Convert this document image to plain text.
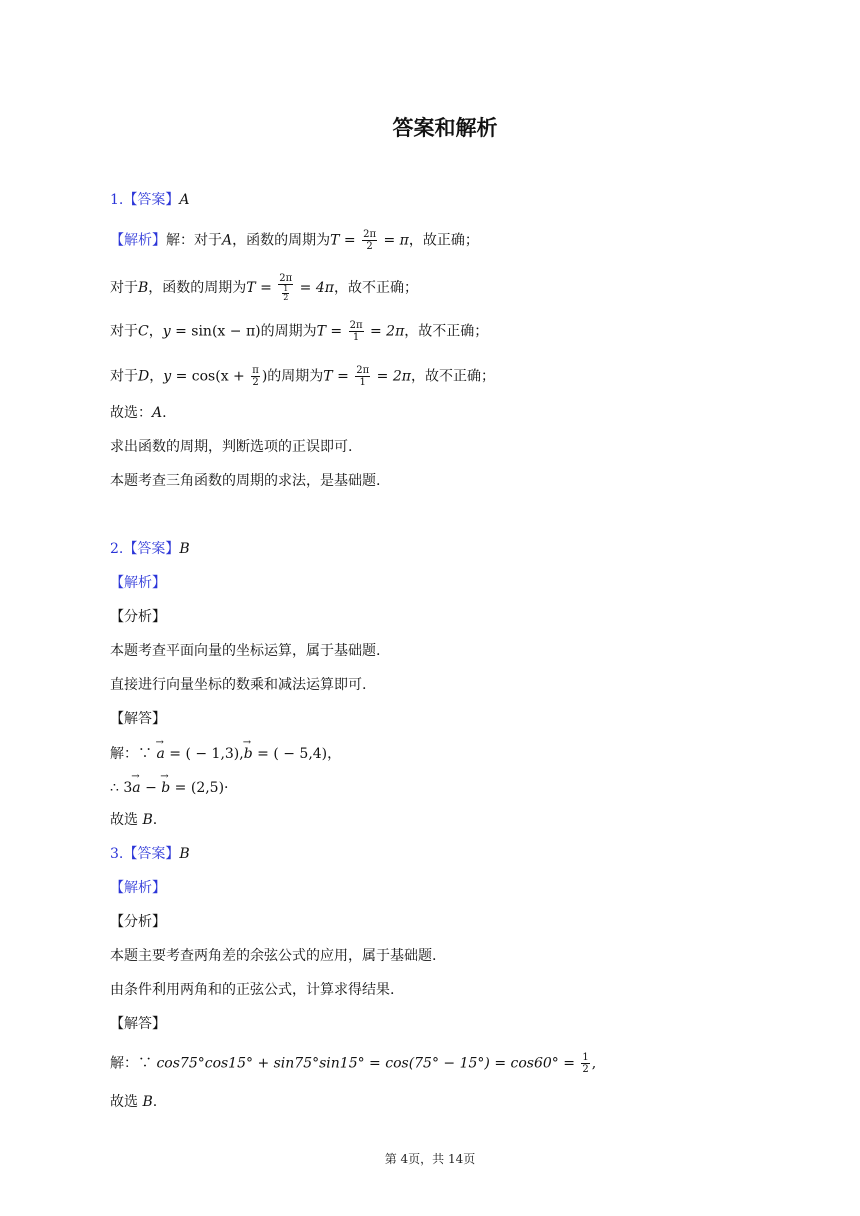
答案和解析
1.【答案】A
【解析】解：对于A，函数的周期为$T = \frac{2\pi}{2} = \pi$，故正确；
对于B，函数的周期为$T = \frac{2\pi}{\frac{1}{2}} = 4\pi$，故不正确；
对于C，y = sin(x − π)的周期为$T = \frac{2\pi}{1} = 2\pi$，故不正确；
对于D，$y = \cos(x + \frac{\pi}{2}$ )的周期为$T = \frac{2\pi}{1} = 2\pi$，故不正确；
故选：A.
求出函数的周期，判断选项的正误即可.
本题考查三角函数的周期的求法，是基础题.
2.【答案】B
【解析】
【分析】
本题考查平面向量的坐标运算，属于基础题.
直接进行向量坐标的数乘和减法运算即可.
【解答】
解：∵ → a = ( − 1,3),→ b = ( − 5,4)，
∴ 3→ a − → b = (2,5)·
故选 B.
3.【答案】B
【解析】
【分析】
本题主要考查两角差的余弦公式的应用，属于基础题.
由条件利用两角和的正弦公式，计算求得结果.
【解答】
解：∵ $\cos 75^\circ\cos 15^\circ + \sin 75^\circ\sin 15^\circ = \cos(75^\circ - 15^\circ) = \cos 60^\circ = \frac{1}{2}$ ,
故选 B.
第 4页，共 14页
